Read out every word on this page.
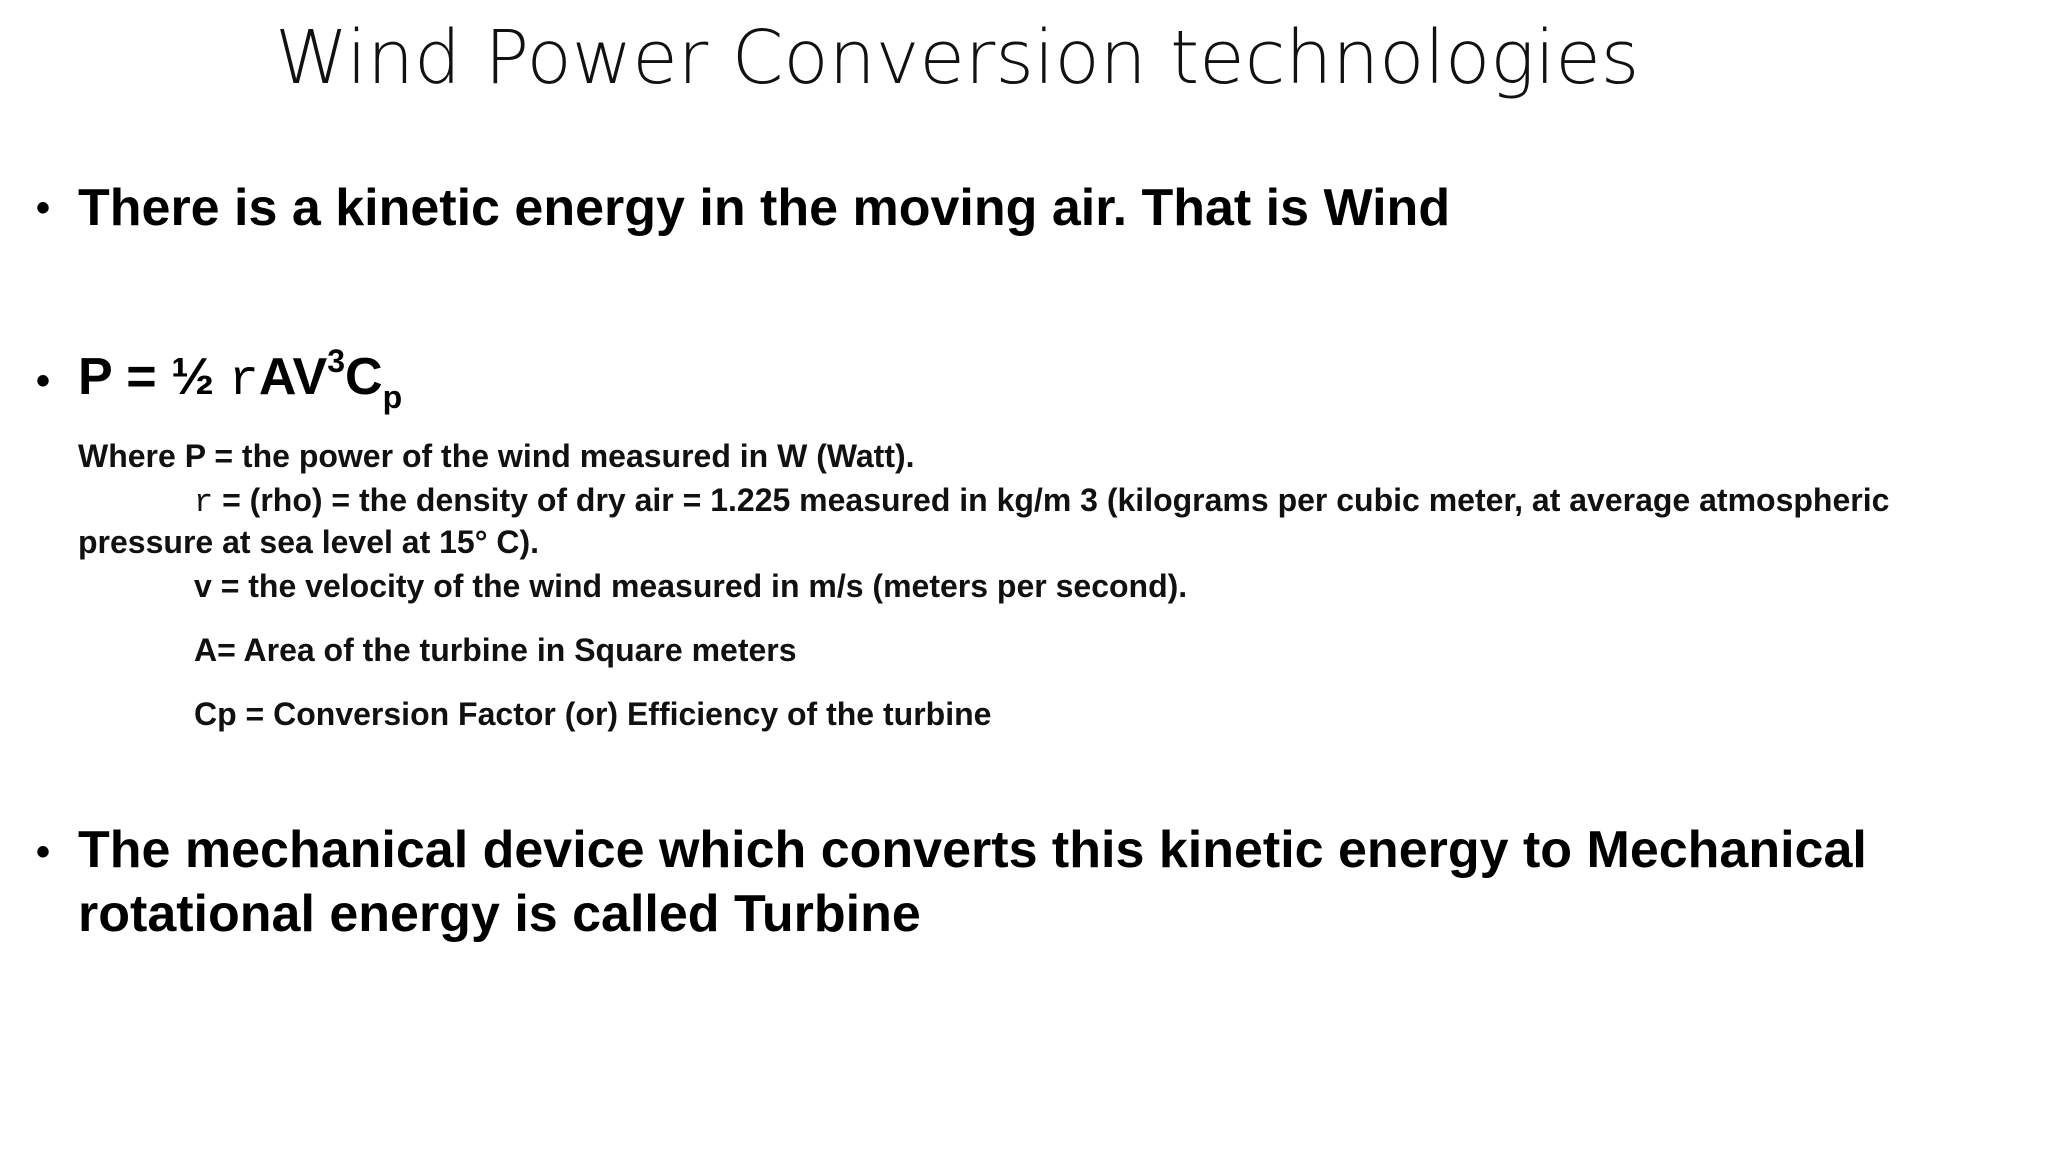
Wind Power Conversion technologies
• There is a kinetic energy in the moving air. That is Wind
• P = ½ $rAV^3C_p$
Where P = the power of the wind measured in W (Watt).
r = (rho) = the density of dry air = 1.225 measured in kg/m 3 (kilograms per cubic meter, at average atmospheric
pressure at sea level at 15° C).
v = the velocity of the wind measured in m/s (meters per second).
A= Area of the turbine in Square meters
Cp = Conversion Factor (or) Efficiency of the turbine
• The mechanical device which converts this kinetic energy to Mechanical rotational energy is called Turbine
